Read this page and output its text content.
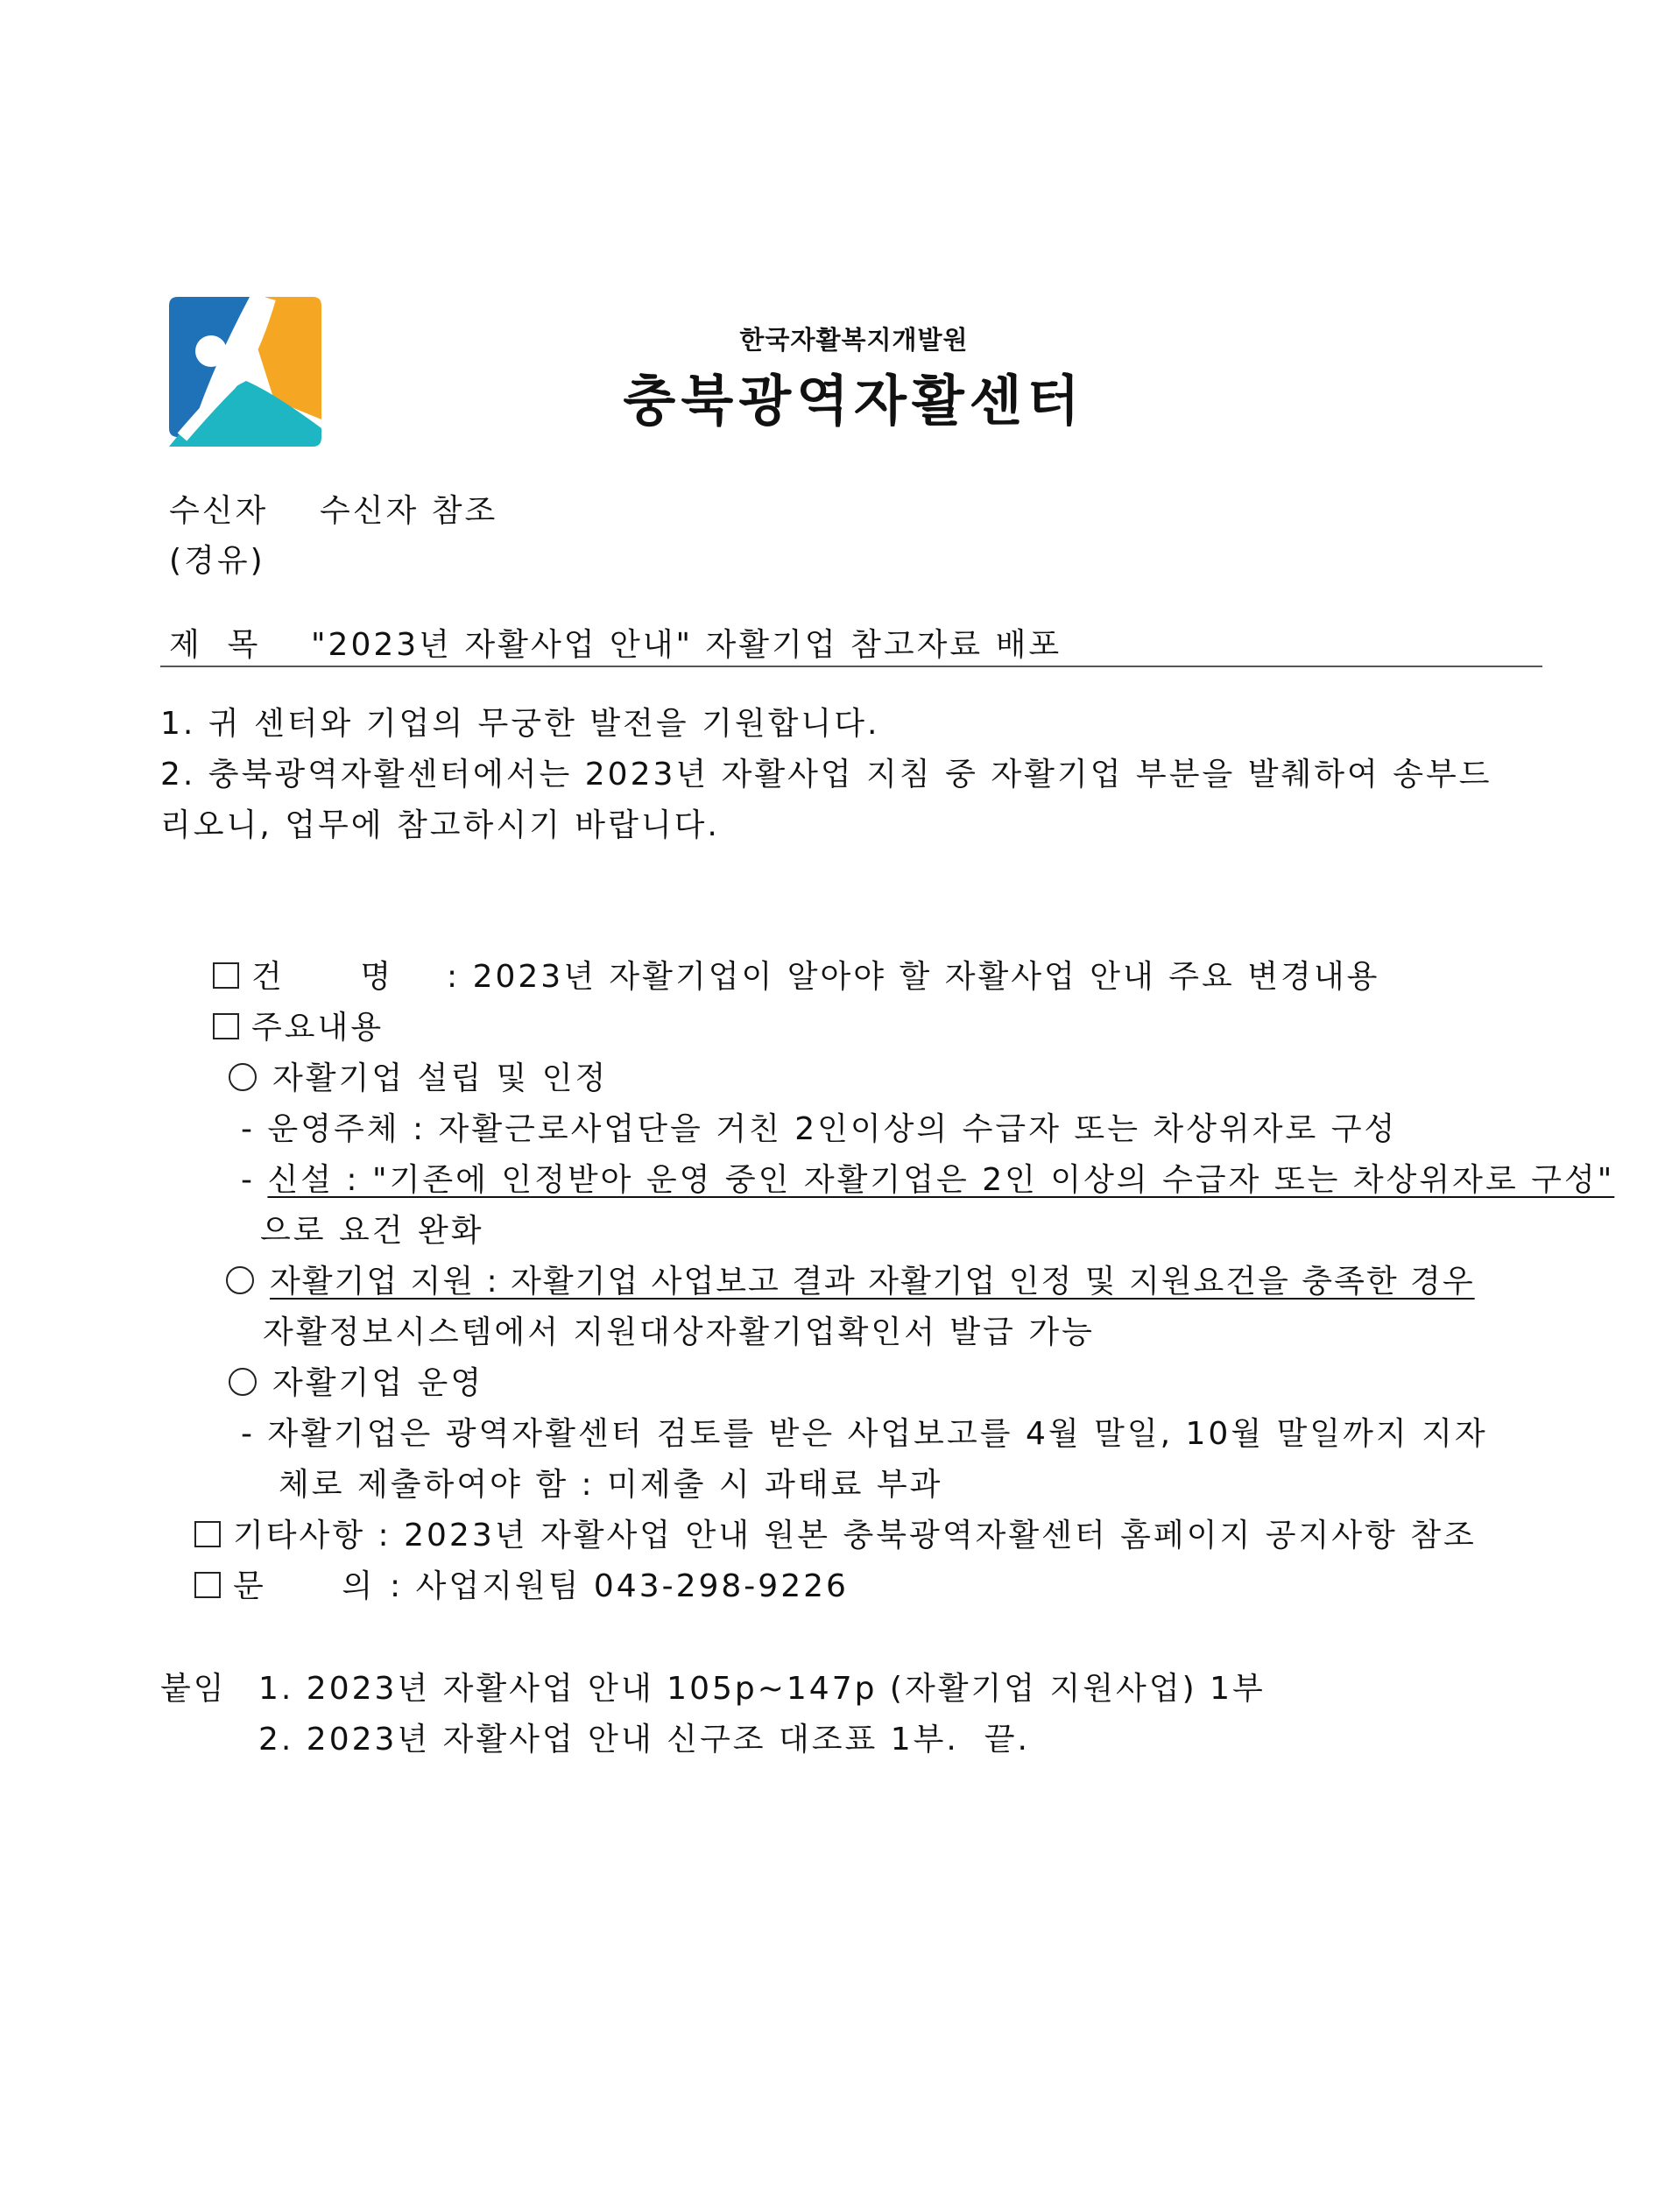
한국자활복지개발원
충북광역자활센터
수신자 수신자 참조
(경유)
제  목 "2023년 자활사업 안내" 자활기업 참고자료 배포
1. 귀 센터와 기업의 무궁한 발전을 기원합니다.
2. 충북광역자활센터에서는 2023년 자활사업 지침 중 자활기업 부분을 발췌하여 송부드
리오니, 업무에 참고하시기 바랍니다.
건      명 : 2023년 자활기업이 알아야 할 자활사업 안내 주요 변경내용
주요내용
자활기업 설립 및 인정
- 운영주체 : 자활근로사업단을 거친 2인이상의 수급자 또는 차상위자로 구성
- 신설 : "기존에 인정받아 운영 중인 자활기업은 2인 이상의 수급자 또는 차상위자로 구성"
으로 요건 완화
자활기업 지원 : 자활기업 사업보고 결과 자활기업 인정 및 지원요건을 충족한 경우
자활정보시스템에서 지원대상자활기업확인서 발급 가능
자활기업 운영
- 자활기업은 광역자활센터 검토를 받은 사업보고를 4월 말일, 10월 말일까지 지자
체로 제출하여야 함 : 미제출 시 과태료 부과
기타사항 : 2023년 자활사업 안내 원본 충북광역자활센터 홈페이지 공지사항 참조
문      의 : 사업지원팀 043-298-9226
붙임 1. 2023년 자활사업 안내 105p~147p (자활기업 지원사업) 1부
2. 2023년 자활사업 안내 신구조 대조표 1부.  끝.
